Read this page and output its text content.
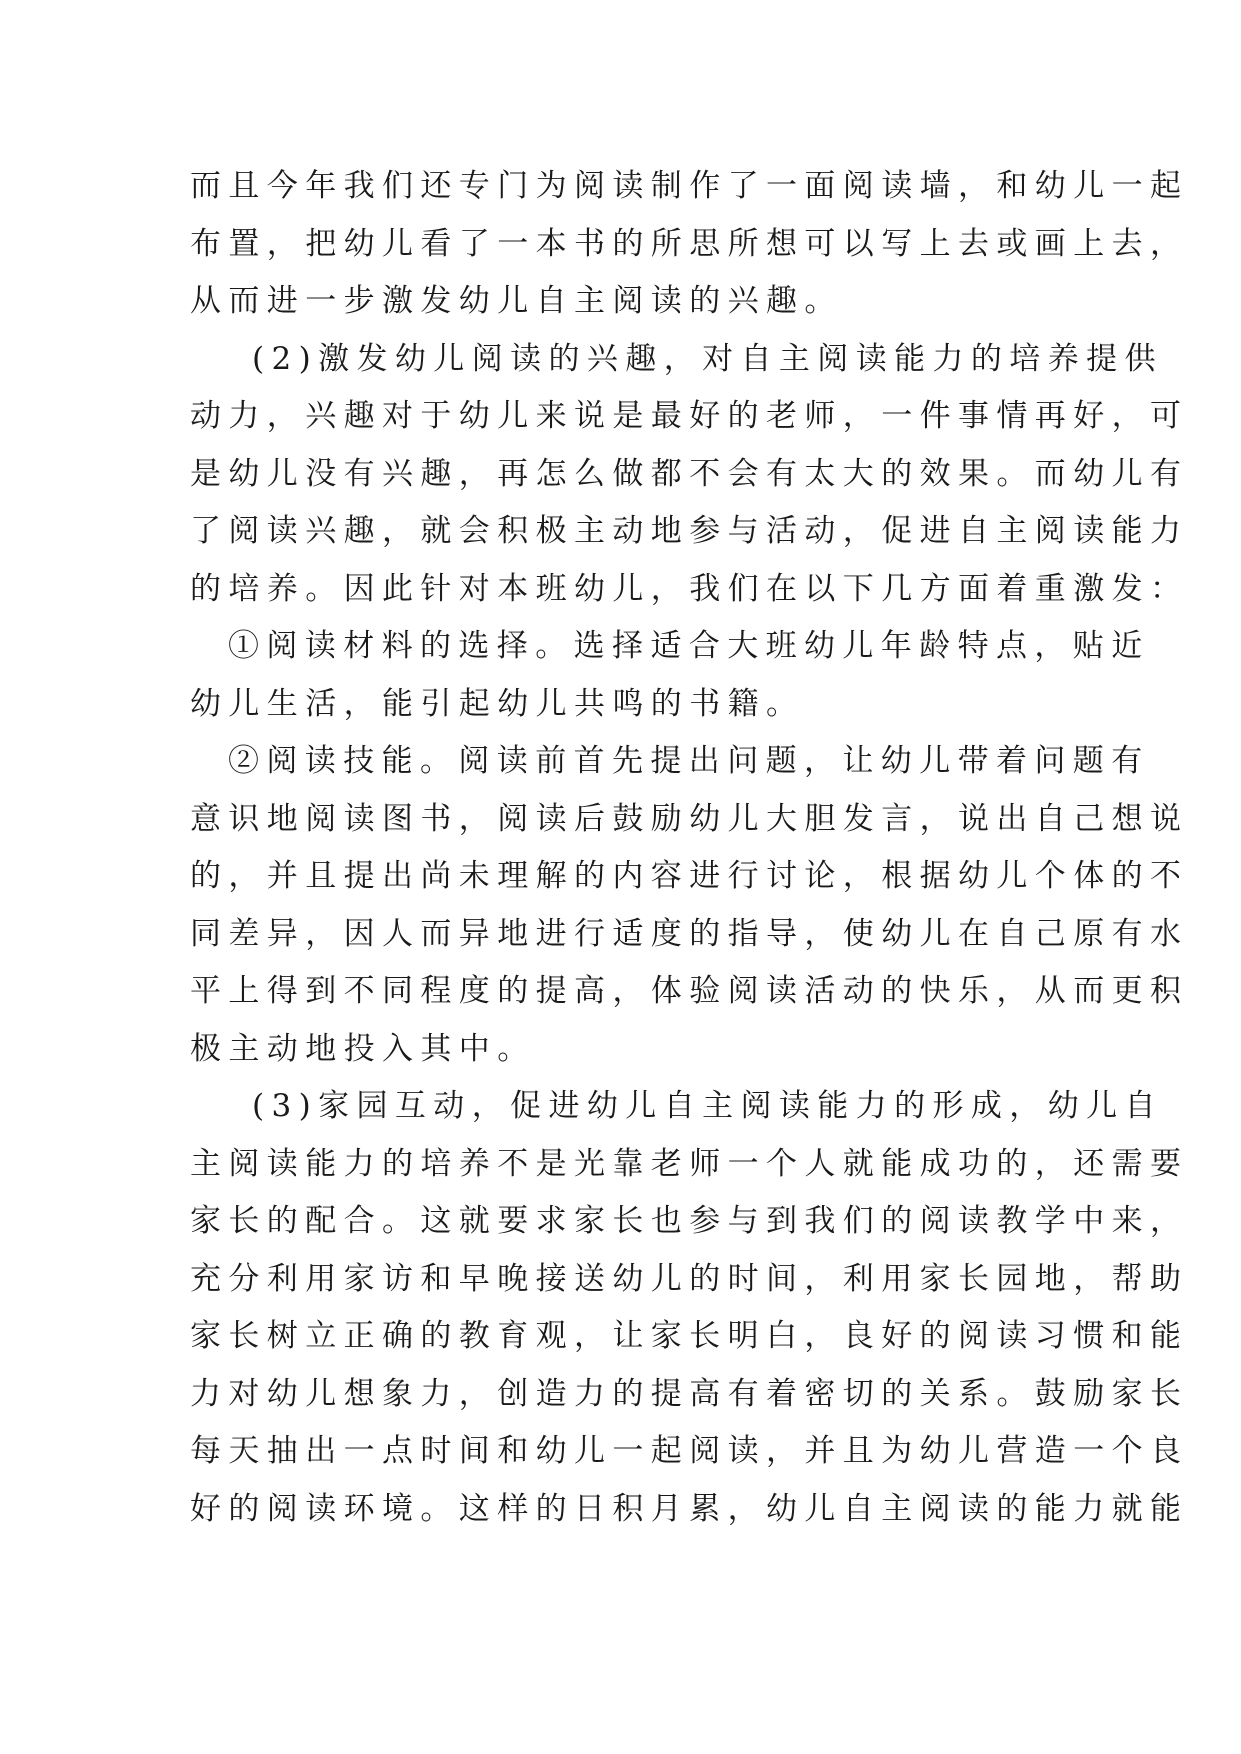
而且今年我们还专门为阅读制作了一面阅读墙，和幼儿一起
布置，把幼儿看了一本书的所思所想可以写上去或画上去，
从而进一步激发幼儿自主阅读的兴趣。
(2)激发幼儿阅读的兴趣，对自主阅读能力的培养提供
动力，兴趣对于幼儿来说是最好的老师，一件事情再好，可
是幼儿没有兴趣，再怎么做都不会有太大的效果。而幼儿有
了阅读兴趣，就会积极主动地参与活动，促进自主阅读能力
的培养。因此针对本班幼儿，我们在以下几方面着重激发：
①阅读材料的选择。选择适合大班幼儿年龄特点，贴近
幼儿生活，能引起幼儿共鸣的书籍。
②阅读技能。阅读前首先提出问题，让幼儿带着问题有
意识地阅读图书，阅读后鼓励幼儿大胆发言，说出自己想说
的，并且提出尚未理解的内容进行讨论，根据幼儿个体的不
同差异，因人而异地进行适度的指导，使幼儿在自己原有水
平上得到不同程度的提高，体验阅读活动的快乐，从而更积
极主动地投入其中。
(3)家园互动，促进幼儿自主阅读能力的形成，幼儿自
主阅读能力的培养不是光靠老师一个人就能成功的，还需要
家长的配合。这就要求家长也参与到我们的阅读教学中来，
充分利用家访和早晚接送幼儿的时间，利用家长园地，帮助
家长树立正确的教育观，让家长明白，良好的阅读习惯和能
力对幼儿想象力，创造力的提高有着密切的关系。鼓励家长
每天抽出一点时间和幼儿一起阅读，并且为幼儿营造一个良
好的阅读环境。这样的日积月累，幼儿自主阅读的能力就能
